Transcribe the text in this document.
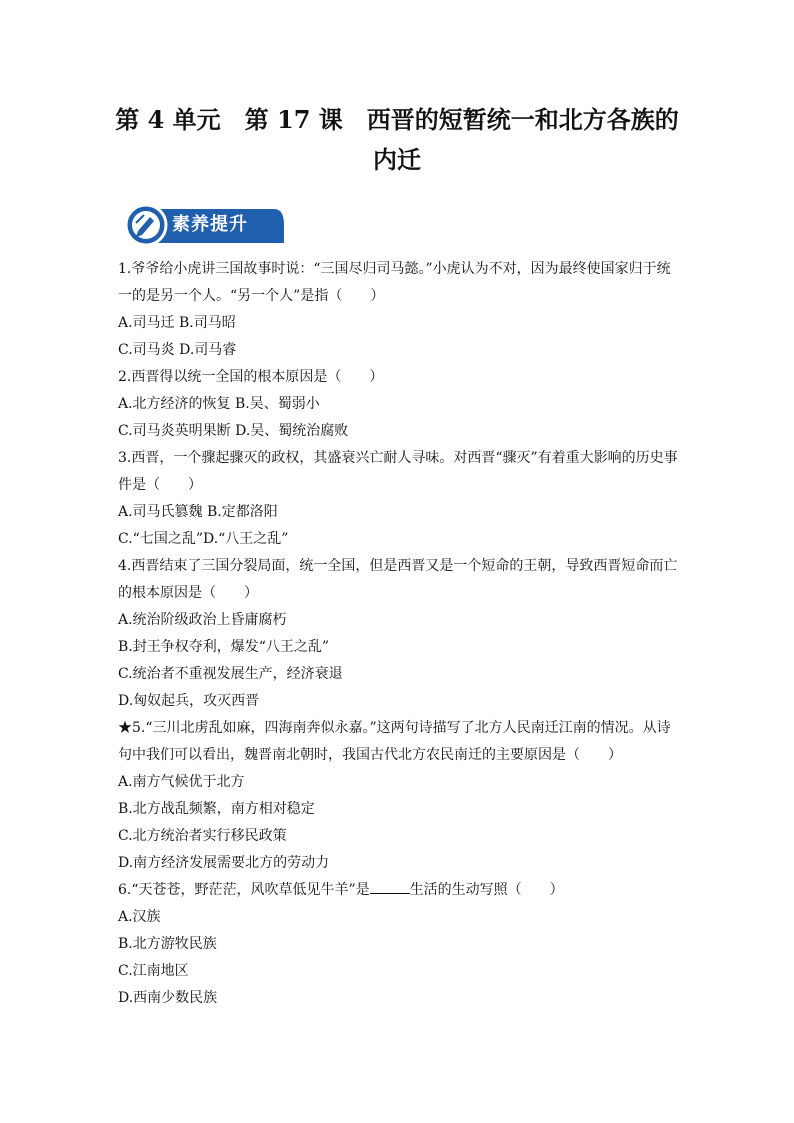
第 4 单元　第 17 课　西晋的短暂统一和北方各族的
内迁
素养提升
1.爷爷给小虎讲三国故事时说：“三国尽归司马懿。”小虎认为不对，因为最终使国家归于统
一的是另一个人。“另一个人”是指（　　）
A.司马迁 B.司马昭
C.司马炎 D.司马睿
2.西晋得以统一全国的根本原因是（　　）
A.北方经济的恢复 B.吴、蜀弱小
C.司马炎英明果断 D.吴、蜀统治腐败
3.西晋，一个骤起骤灭的政权，其盛衰兴亡耐人寻味。对西晋“骤灭”有着重大影响的历史事
件是（　　）
A.司马氏篡魏 B.定都洛阳
C.“七国之乱”D.“八王之乱”
4.西晋结束了三国分裂局面，统一全国，但是西晋又是一个短命的王朝，导致西晋短命而亡
的根本原因是（　　）
A.统治阶级政治上昏庸腐朽
B.封王争权夺利，爆发“八王之乱”
C.统治者不重视发展生产，经济衰退
D.匈奴起兵，攻灭西晋
★5.“三川北虏乱如麻，四海南奔似永嘉。”这两句诗描写了北方人民南迁江南的情况。从诗
句中我们可以看出，魏晋南北朝时，我国古代北方农民南迁的主要原因是（　　）
A.南方气候优于北方
B.北方战乱频繁，南方相对稳定
C.北方统治者实行移民政策
D.南方经济发展需要北方的劳动力
6.“天苍苍，野茫茫，风吹草低见牛羊”是	生活的生动写照（　　）
A.汉族
B.北方游牧民族
C.江南地区
D.西南少数民族
